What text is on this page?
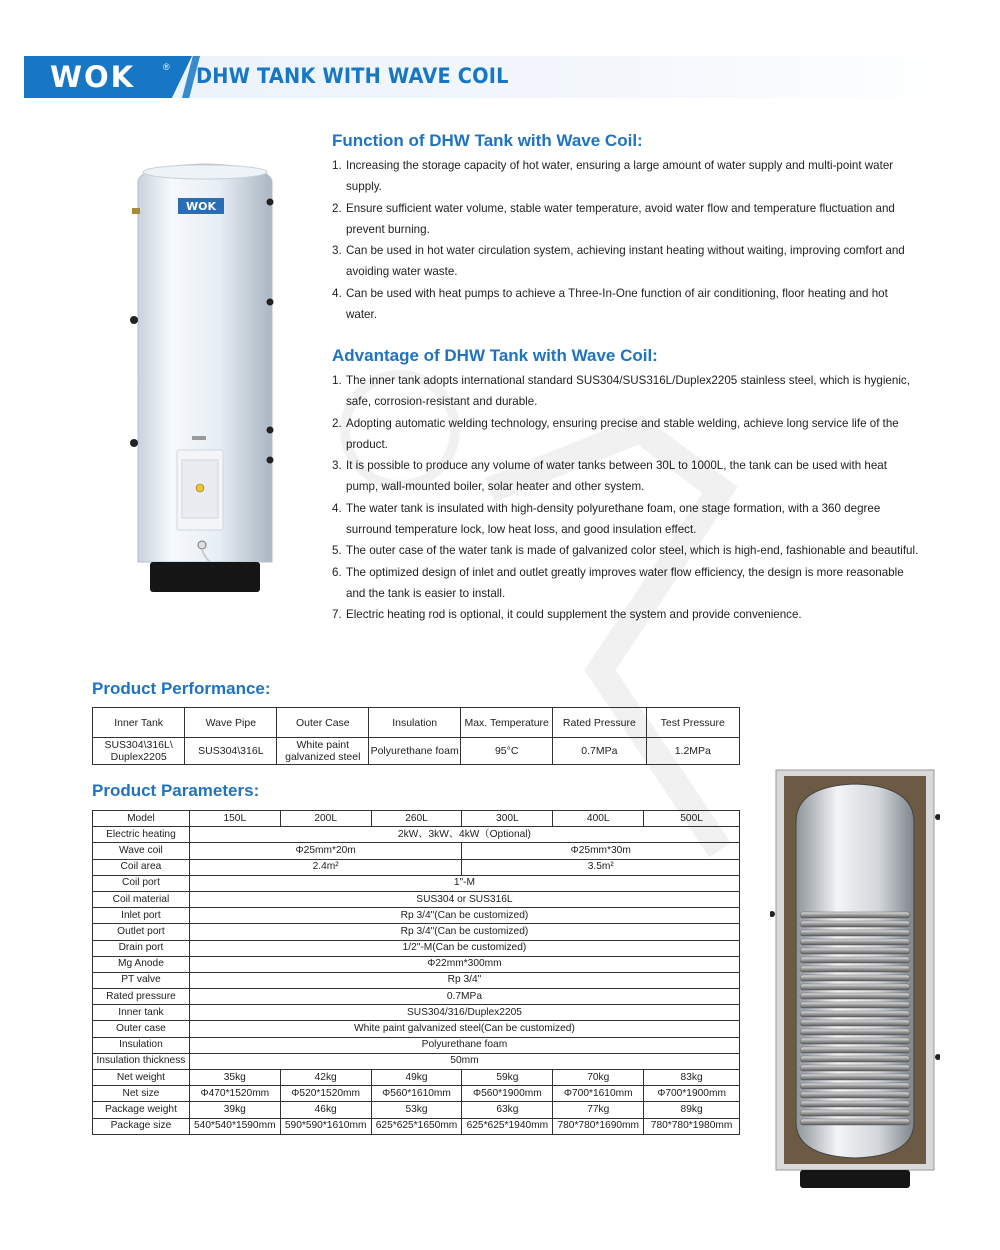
WOK	® DHW TANK WITH WAVE COIL
WOK
Function of DHW Tank with Wave Coil:
1. Increasing the storage capacity of hot water, ensuring a large amount of water supply and multi-point water
supply.
2. Ensure sufficient water volume, stable water temperature, avoid water flow and temperature fluctuation and
prevent burning.
3. Can be used in hot water circulation system, achieving instant heating without waiting, improving comfort and
avoiding water waste.
4. Can be used with heat pumps to achieve a Three-In-One function of air conditioning, floor heating and hot
water.
Advantage of DHW Tank with Wave Coil:
1. The inner tank adopts international standard SUS304/SUS316L/Duplex2205 stainless steel, which is hygienic,
safe, corrosion-resistant and durable.
2. Adopting automatic welding technology, ensuring precise and stable welding, achieve long service life of the
product.
3. It is possible to produce any volume of water tanks between 30L to 1000L, the tank can be used with heat
pump, wall-mounted boiler, solar heater and other system.
4. The water tank is insulated with high-density polyurethane foam, one stage formation, with a 360 degree
surround temperature lock, low heat loss, and good insulation effect.
5. The outer case of the water tank is made of galvanized color steel, which is high-end, fashionable and beautiful.
6. The optimized design of inlet and outlet greatly improves water flow efficiency, the design is more reasonable
and the tank is easier to install.
7. Electric heating rod is optional, it could supplement the system and provide convenience.
Product Performance:
Inner Tank	Wave Pipe	Outer Case	Insulation	Max. Temperature	Rated Pressure	Test Pressure
SUS304\316L\ Duplex2205	SUS304\316L	White paint galvanized steel	Polyurethane foam	95°C	0.7MPa	1.2MPa
Product Parameters:
Model	150L	200L	260L	300L	400L	500L
Electric heating	2kW、3kW、4kW（Optional)					
Wave coil	Φ25mm*20m			Φ25mm*30m		
Coil area	2.4m²			3.5m²		
Coil port	1"-M					
Coil material	SUS304 or SUS316L					
Inlet port	Rp 3/4"(Can be customized)					
Outlet port	Rp 3/4"(Can be customized)					
Drain port	1/2"-M(Can be customized)					
Mg Anode	Φ22mm*300mm					
PT valve	Rp 3/4"					
Rated pressure	0.7MPa					
Inner tank	SUS304/316/Duplex2205					
Outer case	White paint galvanized steel(Can be customized)					
Insulation	Polyurethane foam					
Insulation thickness	50mm					
Net weight	35kg	42kg	49kg	59kg	70kg	83kg
Net size	Φ470*1520mm	Φ520*1520mm	Φ560*1610mm	Φ560*1900mm	Φ700*1610mm	Φ700*1900mm
Package weight	39kg	46kg	53kg	63kg	77kg	89kg
Package size	540*540*1590mm	590*590*1610mm	625*625*1650mm	625*625*1940mm	780*780*1690mm	780*780*1980mm
